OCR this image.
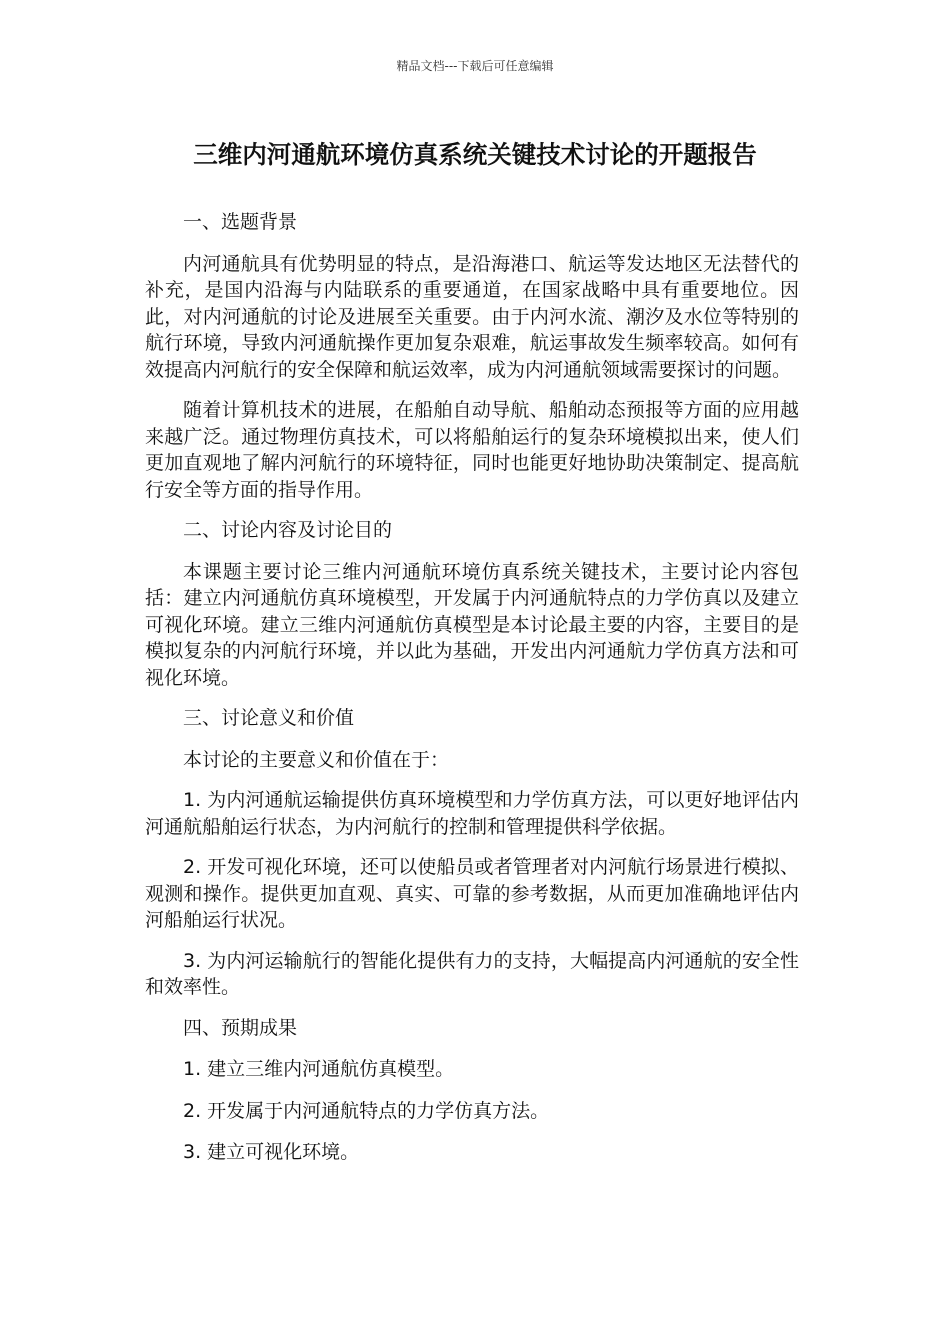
精品文档---下载后可任意编辑
三维内河通航环境仿真系统关键技术讨论的开题报告

一、选题背景

内河通航具有优势明显的特点，是沿海港口、航运等发达地区无法替代的补充，是国内沿海与内陆联系的重要通道，在国家战略中具有重要地位。因此，对内河通航的讨论及进展至关重要。由于内河水流、潮汐及水位等特别的航行环境，导致内河通航操作更加复杂艰难，航运事故发生频率较高。如何有效提高内河航行的安全保障和航运效率，成为内河通航领域需要探讨的问题。

随着计算机技术的进展，在船舶自动导航、船舶动态预报等方面的应用越来越广泛。通过物理仿真技术，可以将船舶运行的复杂环境模拟出来，使人们更加直观地了解内河航行的环境特征，同时也能更好地协助决策制定、提高航行安全等方面的指导作用。

二、讨论内容及讨论目的

本课题主要讨论三维内河通航环境仿真系统关键技术，主要讨论内容包括：建立内河通航仿真环境模型，开发属于内河通航特点的力学仿真以及建立可视化环境。建立三维内河通航仿真模型是本讨论最主要的内容，主要目的是模拟复杂的内河航行环境，并以此为基础，开发出内河通航力学仿真方法和可视化环境。

三、讨论意义和价值

本讨论的主要意义和价值在于：

1. 为内河通航运输提供仿真环境模型和力学仿真方法，可以更好地评估内河通航船舶运行状态，为内河航行的控制和管理提供科学依据。

2. 开发可视化环境，还可以使船员或者管理者对内河航行场景进行模拟、观测和操作。提供更加直观、真实、可靠的参考数据，从而更加准确地评估内河船舶运行状况。

3. 为内河运输航行的智能化提供有力的支持，大幅提高内河通航的安全性和效率性。

四、预期成果

1. 建立三维内河通航仿真模型。

2. 开发属于内河通航特点的力学仿真方法。

3. 建立可视化环境。
